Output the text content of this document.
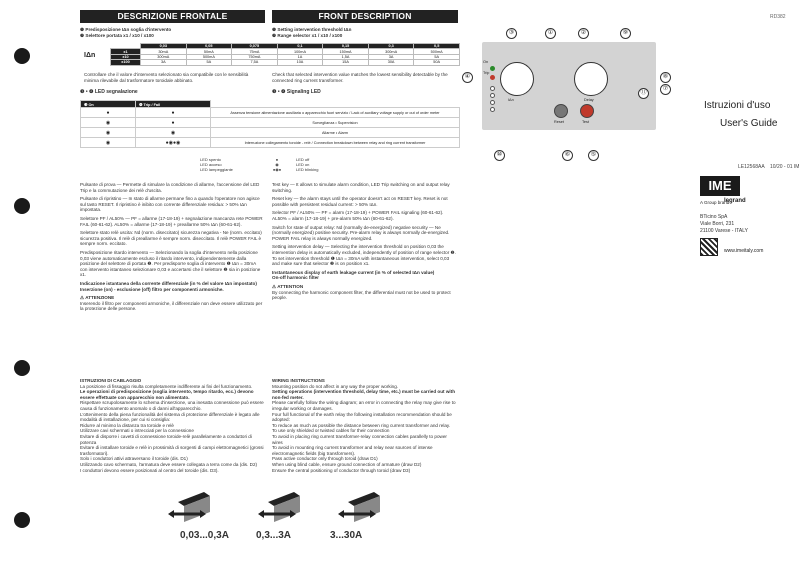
DESCRIZIONE FRONTALE	FRONT DESCRIPTION

❶ Predisposizione IΔn soglia d'intervento

❷ Selettore portata x1 / x10 / x100

IΔn
	0,03	0,05	0,075	0,1	0,15	0,3	0,5
x1	30mA	50mA	75mA	100mA	150mA	300mA	500mA
x10	300mA	500mA	750mA	1A	1,5A	3A	5A
x100	3A	5A	7,5A	10A	15A	30A	50A

❶ Setting intervention threshold IΔn

❷ Range selector x1 / x10 / x100

Controllare che il valore d'intervento selezionato sia compatibile con le sensibilità minima rilevabile dal trasformatore toroidale abbinato.
Check that selected intervention value matches the lowest sensibility detectable by the connected ring current transformer.
❸ • ❹ LED segnalazione	❸ • ❹ Signaling LED
❸ On	❹ Trip / Fail	
●	●	Assenza tensione alimentazione ausiliaria o apparecchio fuori servizio / Lack of auxiliary voltage supply or out of order meter
◉	●	Sorveglianza • Supervision
◉	◉	Allarme • Alarm
◉	●◉●◉	Interruzione collegamento toroide - relè / Connection breakdown between relay and ring current transformer

LED spento

LED acceso

LED lampeggiante

●

◉

●◉●

LED off

LED on

LED blinking

Pulsante di prova — Permette di simulare la condizione di allarme, l'accensione del LED Trip e la commutazione dei relè d'uscita.

Pulsante di ripristino — In stato di allarme permane fino a quando l'operatore non agisce sul tasto RESET. Il ripristino è inibito con corrente differenziale residua: > 50% IΔn impostata.

Selettore PF / AL50% — PF = allarme (17-18-19) + segnalazione mancanza rete POWER FAIL (60-61-62). AL50% = allarme (17-18-19) + preallarme 50% IΔn (60-61-62).

Selettore stato relè uscita: Nd (norm. diseccitato) sicurezza negativa - Ne (norm. eccitato) sicurezza positiva. Il relè di preallarme è sempre norm. diseccitato. Il relè POWER FAIL è sempre norm. eccitato.

Predisposizione ritardo intervento — Selezionando la soglia d'intervento nella posizione 0,03 viene automaticamente escluso il ritardo intervento, indipendentemente dalla posizione del selettore di portata ❷. Per predisporre soglia di intervento ❶ IΔn = 30mA con intervento istantaneo selezionare 0,03 e accertarsi che il selettore ❷ sia in posizione x1.

Indicazione istantanea della corrente differenziale (in % del valore IΔn impostato)

Inserzione (on) - esclusione (off) filtro per componenti armoniche.

⚠ ATTENZIONE

Inserendo il filtro per componenti armoniche, il differenziale non deve essere utilizzato per la protezione delle persone.

Test key — It allows to simulate alarm condition, LED Trip switching on and output relay switching.

Reset key — the alarm stays until the operator doesn't act on RESET key. Reset is not possible with persistent residual current: > 50% IΔn.

Selector PF / AL50% — PF = alarm (17-18-19) + POWER FAIL signaling (60-61-62). AL50% = alarm (17-18-19) + pre-alarm 50% IΔn (60-61-62).

Switch for state of output relay: Nd (normally de-energized) negative security — Ne (normally energized) positive security. Pre-alarm relay is always normally de-energized. POWER FAIL relay is always normally energized.

Setting intervention delay — Selecting the intervention threshold on position 0,03 the intervention delay is automatically excluded, independently of position of range selector ❷. To set intervention threshold ❶ IΔn = 30mA with instantaneous intervention, select 0,03 and make sure that selector ❷ is on position x1.

Instantaneous display of earth leakage current (in % of selected IΔn value)

On-off harmonic filter

⚠ ATTENTION

By connecting the harmonic component filter, the differential must not be used to protect people.

ISTRUZIONI DI CABLAGGIO

La posizione di fissaggio risulta completamente indifferente ai fini del funzionamento.

Le operazioni di predisposizione (soglia intervento, tempo ritardo, ecc.) devono essere effettuate con apparecchio non alimentato.

Rispettare scrupolosamente lo schema d'inserzione, una inesatta connessione può essere causa di funzionamento anomalo o di danni all'apparecchio.

L'ottenimento della piena funzionalità del sistema di protezione differenziale è legato alle modalità di installazione, per cui si consiglia:

Ridurre al minimo la distanza tra toroide e relè

Utilizzare cavi schermati o intrecciati per la connessione

Evitare di disporre i cavetti di connessione toroide-relè parallelamente a conduttori di potenza

Evitare di installare toroide e relè in prossimità di sorgenti di campi elettromagnetici (grossi trasformatori).

Solo i conduttori attivi attraversano il toroide (dis. D1)

Utilizzando cavo schermato, l'armatura deve essere collegata a terra come da (dis. D2)

I conduttori devono essere posizionati al centro del toroide (dis. D3).

WIRING INSTRUCTIONS

Mounting position do not affect in any way the proper working.

Setting operations (intervention threshold, delay time, etc.) must be carried out with non-fed meter.

Please carefully follow the wiring diagram; an error in connecting the relay may give rise to irregular working or damages.

Four full functional of the earth relay the following installation recommendation should be adopted:

To reduce as much as possible the distance between ring current transformer and relay.

To use only shielded or twisted cables for their connection

To avoid in placing ring current transformer-relay connection cables parallelly to power wires

To avoid in mounting ring current transformer and relay near sources of intense electromagnetic fields (big transformers).

Pass active conductor only through toroid (draw D1)

When using blind cable, ensure ground connection of armature (draw D2)

Ensure the central positioning of conductor through toroid (draw D3)

0,03...0,3A	0,3...3A	3...30A
RD382
On
Trip
IΔn	Delay
Reset	Test
③	①	②	⑨
④	⑧
⑦
⑪
⑩	⑥	⑤
Istruzioni d'uso
User's Guide
LE12568AA 10/20 - 01 IM
IME
A Group brand
legrand

BTicino SpA

Viale Borri, 231

21100 Varese - ITALY

www.imeitaly.com
